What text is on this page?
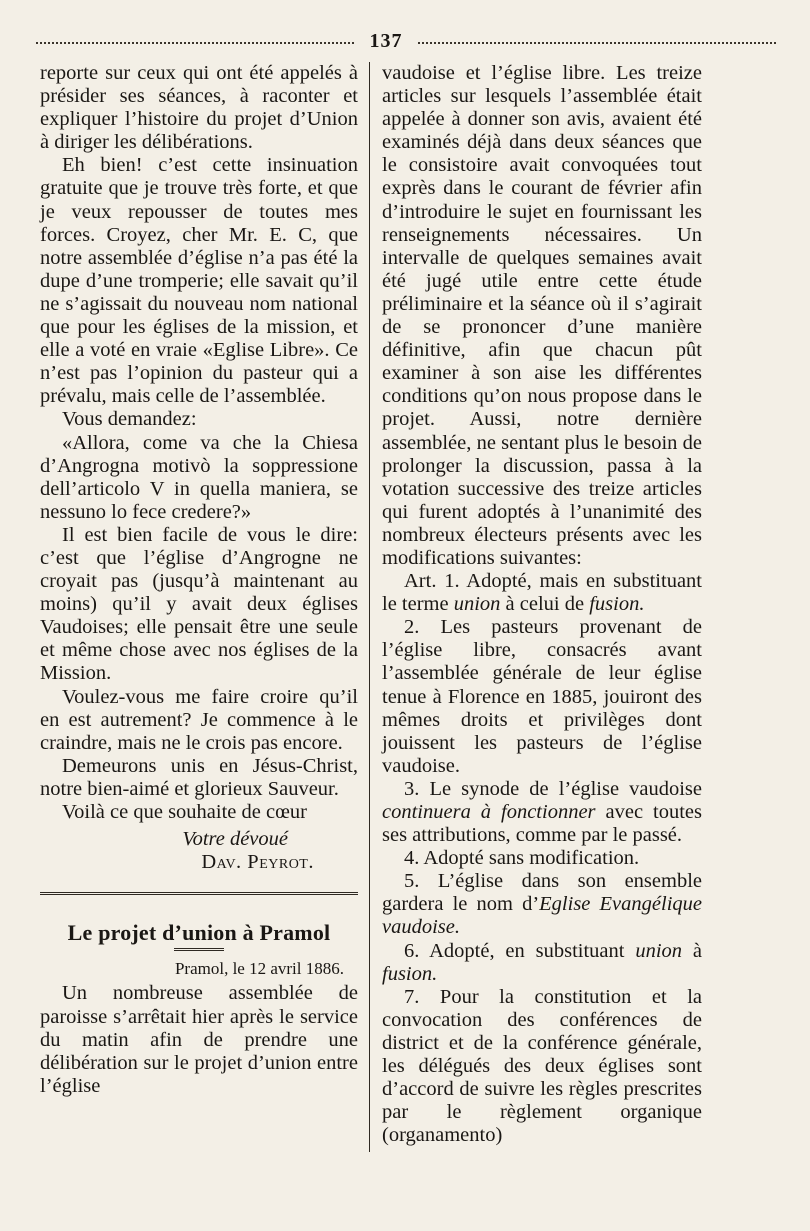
137

reporte sur ceux qui ont été appelés à présider ses séances, à raconter et expliquer l’histoire du projet d’Union à diriger les délibérations.

Eh bien! c’est cette insinuation gratuite que je trouve très forte, et que je veux repousser de toutes mes forces. Croyez, cher Mr. E. C, que notre assemblée d’église n’a pas été la dupe d’une tromperie; elle savait qu’il ne s’agissait du nouveau nom national que pour les églises de la mission, et elle a voté en vraie «Eglise Libre». Ce n’est pas l’opinion du pasteur qui a prévalu, mais celle de l’assemblée.

Vous demandez:

«Allora, come va che la Chiesa d’Angrogna motivò la soppressione dell’articolo V in quella maniera, se nessuno lo fece credere?»

Il est bien facile de vous le dire: c’est que l’église d’Angrogne ne croyait pas (jusqu’à maintenant au moins) qu’il y avait deux églises Vaudoises; elle pensait être une seule et même chose avec nos églises de la Mission.

Voulez-vous me faire croire qu’il en est autrement? Je commence à le craindre, mais ne le crois pas encore.

Demeurons unis en Jésus-Christ, notre bien-aimé et glorieux Sauveur.

Voilà ce que souhaite de cœur

Votre dévoué
Dav. Peyrot.
Le projet d’union à Pramol
Pramol, le 12 avril 1886.

Un nombreuse assemblée de paroisse s’arrêtait hier après le service du matin afin de prendre une délibération sur le projet d’union entre l’église

vaudoise et l’église libre. Les treize articles sur lesquels l’assemblée était appelée à donner son avis, avaient été examinés déjà dans deux séances que le consistoire avait convoquées tout exprès dans le courant de février afin d’introduire le sujet en fournissant les renseignements nécessaires. Un intervalle de quelques semaines avait été jugé utile entre cette étude préliminaire et la séance où il s’agirait de se prononcer d’une manière définitive, afin que chacun pût examiner à son aise les différentes conditions qu’on nous propose dans le projet. Aussi, notre dernière assemblée, ne sentant plus le besoin de prolonger la discussion, passa à la votation successive des treize articles qui furent adoptés à l’unanimité des nombreux électeurs présents avec les modifications suivantes:

Art. 1. Adopté, mais en substituant le terme union à celui de fusion.

2. Les pasteurs provenant de l’église libre, consacrés avant l’assemblée générale de leur église tenue à Florence en 1885, jouiront des mêmes droits et privilèges dont jouissent les pasteurs de l’église vaudoise.

3. Le synode de l’église vaudoise continuera à fonctionner avec toutes ses attributions, comme par le passé.

4. Adopté sans modification.

5. L’église dans son ensemble gardera le nom d’Eglise Evangélique vaudoise.

6. Adopté, en substituant union à fusion.

7. Pour la constitution et la convocation des conférences de district et de la conférence générale, les délégués des deux églises sont d’accord de suivre les règles prescrites par le règlement organique (organamento)
